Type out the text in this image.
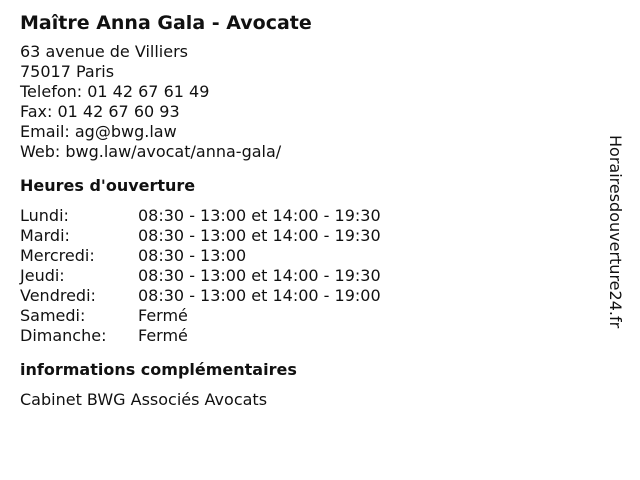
Maître Anna Gala - Avocate
63 avenue de Villiers
75017 Paris
Telefon: 01 42 67 61 49
Fax: 01 42 67 60 93
Email: ag@bwg.law
Web: bwg.law/avocat/anna-gala/
Heures d'ouverture
Lundi:	08:30 - 13:00 et 14:00 - 19:30
Mardi:	08:30 - 13:00 et 14:00 - 19:30
Mercredi:	08:30 - 13:00
Jeudi:	08:30 - 13:00 et 14:00 - 19:30
Vendredi:	08:30 - 13:00 et 14:00 - 19:00
Samedi:	Fermé
Dimanche:	Fermé
informations complémentaires
Cabinet BWG Associés Avocats
Horairesdouverture24.fr
